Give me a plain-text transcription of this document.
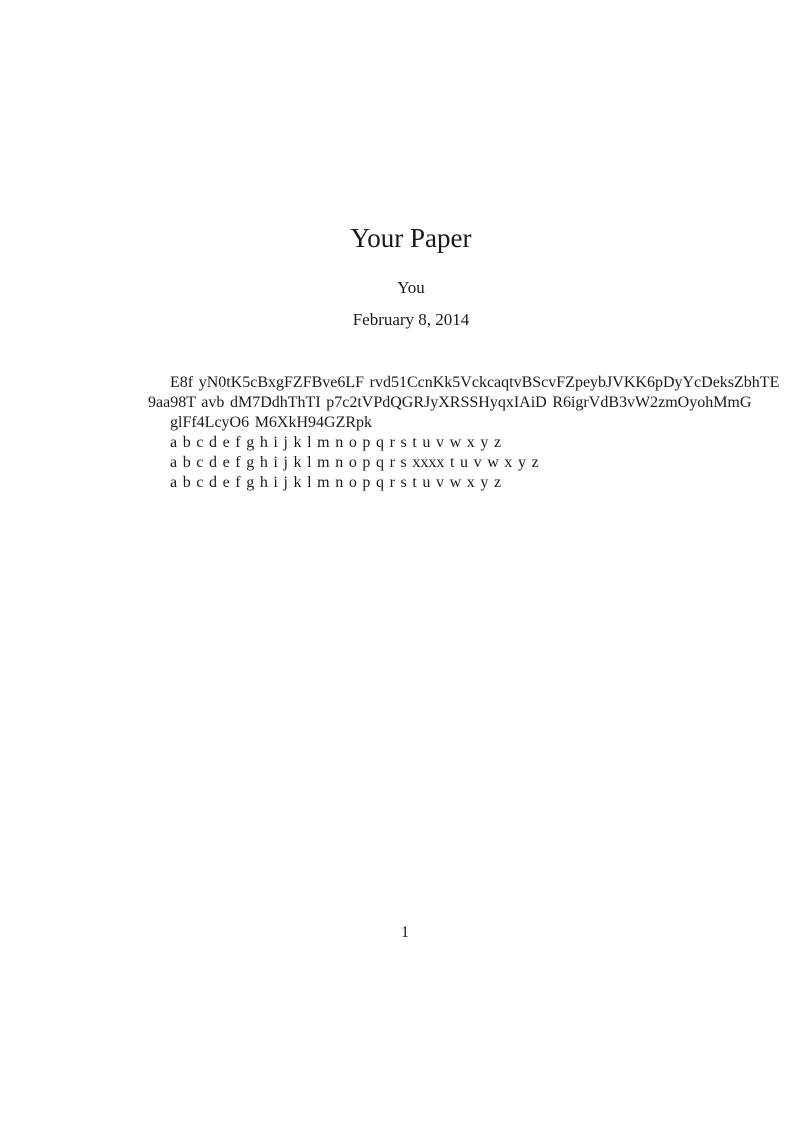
Your Paper
You
February 8, 2014
E8f yN0tK5cBxgFZFBve6LF rvd51CcnKk5VckcaqtvBScvFZpeybJVKK6pDyYcDeksZbhTE
9aa98T avb dM7DdhThTI p7c2tVPdQGRJyXRSSHyqxIAiD R6igrVdB3vW2zmOyohMmG
glFf4LcyO6 M6XkH94GZRpk
a b c d e f g h i j k l m n o p q r s t u v w x y z
a b c d e f g h i j k l m n o p q r s xxxx t u v w x y z
a b c d e f g h i j k l m n o p q r s t u v w x y z
1
